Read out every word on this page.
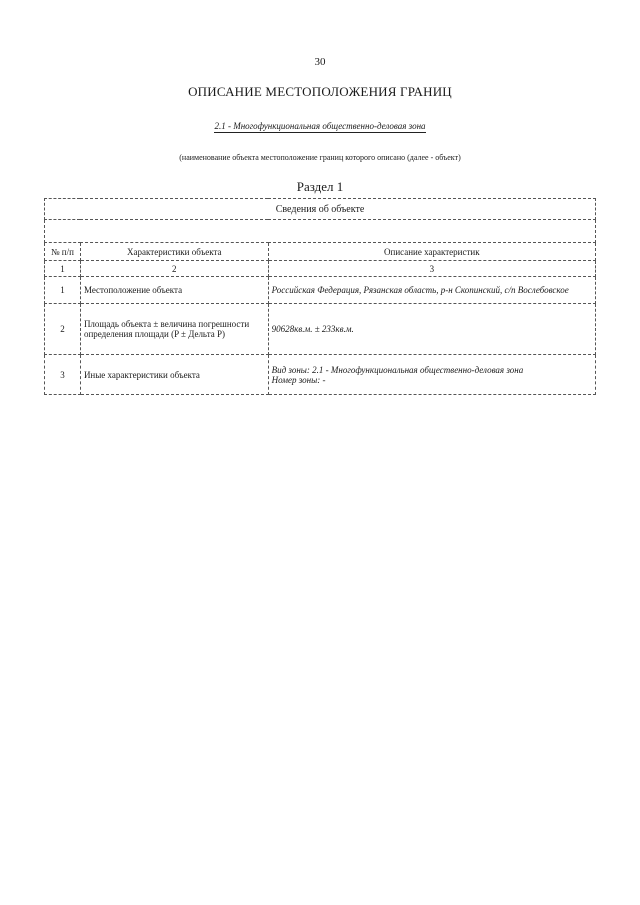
30
ОПИСАНИЕ МЕСТОПОЛОЖЕНИЯ ГРАНИЦ
2.1 - Многофункциональная общественно-деловая зона
(наименование объекта местоположение границ которого описано (далее - объект)
Раздел 1
Сведения об объекте		

№ п/п	Характеристики объекта	Описание характеристик
1	2	3
1	Местоположение объекта	Российская Федерация, Рязанская область, р-н Скопинский, с/п Вослебовское
2	Площадь объекта ± величина погрешности определения площади (P ± Дельта P)	90628кв.м. ± 233кв.м.
3	Иные характеристики объекта	Вид зоны: 2.1 - Многофункциональная общественно-деловая зона
Номер зоны: -
